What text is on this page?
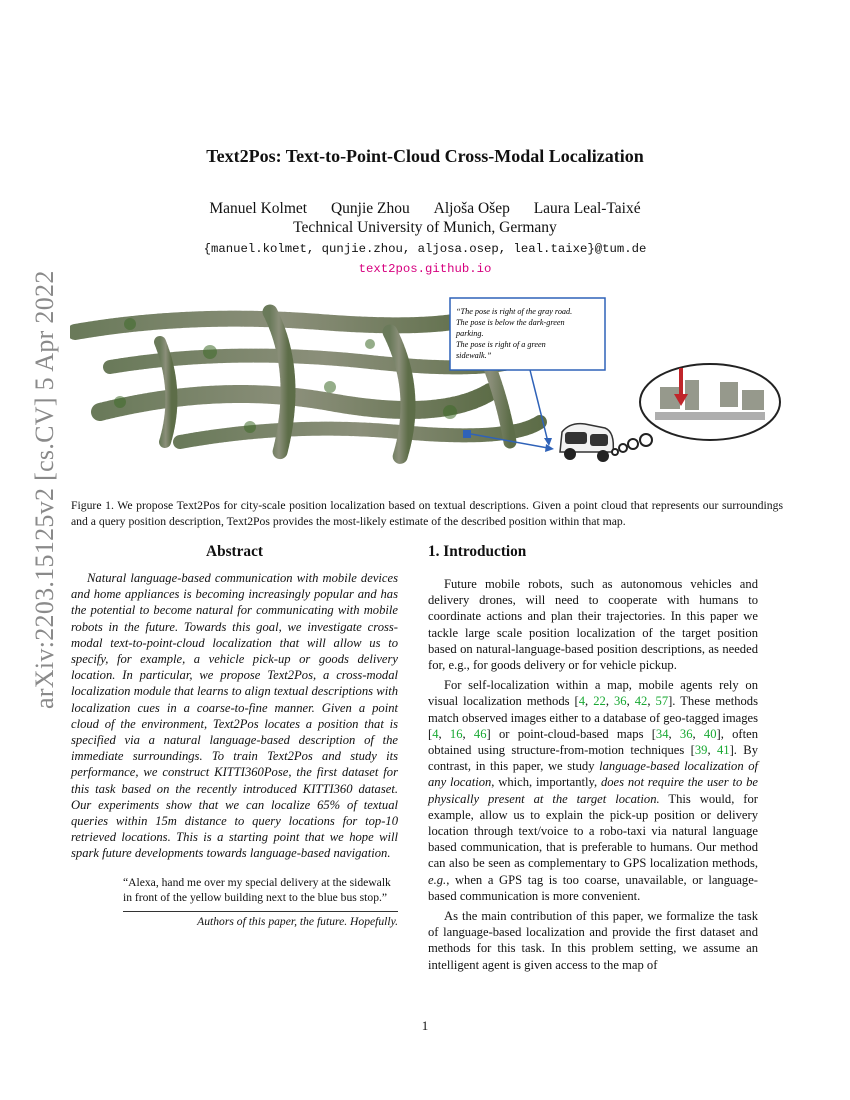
arXiv:2203.15125v2 [cs.CV] 5 Apr 2022
Text2Pos: Text-to-Point-Cloud Cross-Modal Localization
Manuel Kolmet Qunjie Zhou Aljoša Ošep Laura Leal-Taixé
Technical University of Munich, Germany
{manuel.kolmet, qunjie.zhou, aljosa.osep, leal.taixe}@tum.de
text2pos.github.io
“The pose is right of the gray road.
The pose is below the dark-green
parking.
The pose is right of a green
sidewalk.”
Figure 1. We propose Text2Pos for city-scale position localization based on textual descriptions. Given a point cloud that represents our surroundings and a query position description, Text2Pos provides the most-likely estimate of the described position within that map.
Abstract

Natural language-based communication with mobile devices and home appliances is becoming increasingly popular and has the potential to become natural for communicating with mobile robots in the future. Towards this goal, we investigate cross-modal text-to-point-cloud localization that will allow us to specify, for example, a vehicle pick-up or goods delivery location. In particular, we propose Text2Pos, a cross-modal localization module that learns to align textual descriptions with localization cues in a coarse-to-fine manner. Given a point cloud of the environment, Text2Pos locates a position that is specified via a natural language-based description of the immediate surroundings. To train Text2Pos and study its performance, we construct KITTI360Pose, the first dataset for this task based on the recently introduced KITTI360 dataset. Our experiments show that we can localize 65% of textual queries within 15m distance to query locations for top-10 retrieved locations. This is a starting point that we hope will spark future developments towards language-based navigation.

“Alexa, hand me over my special delivery at the sidewalk in front of the yellow building next to the blue bus stop.”
Authors of this paper, the future. Hopefully.
1. Introduction

Future mobile robots, such as autonomous vehicles and delivery drones, will need to cooperate with humans to coordinate actions and plan their trajectories. In this paper we tackle large scale position localization of the target position based on natural-language-based position descriptions, as needed for, e.g., for goods delivery or for vehicle pickup.

For self-localization within a map, mobile agents rely on visual localization methods [4, 22, 36, 42, 57]. These methods match observed images either to a database of geo-tagged images [4, 16, 46] or point-cloud-based maps [34, 36, 40], often obtained using structure-from-motion techniques [39, 41]. By contrast, in this paper, we study language-based localization of any location, which, importantly, does not require the user to be physically present at the target location. This would, for example, allow us to explain the pick-up position or delivery location through text/voice to a robo-taxi via natural language based communication, that is preferable to humans. Our method can also be seen as complementary to GPS localization methods, e.g., when a GPS tag is too coarse, unavailable, or language-based communication is more convenient.

As the main contribution of this paper, we formalize the task of language-based localization and provide the first dataset and methods for this task. In this problem setting, we assume an intelligent agent is given access to the map of

1
